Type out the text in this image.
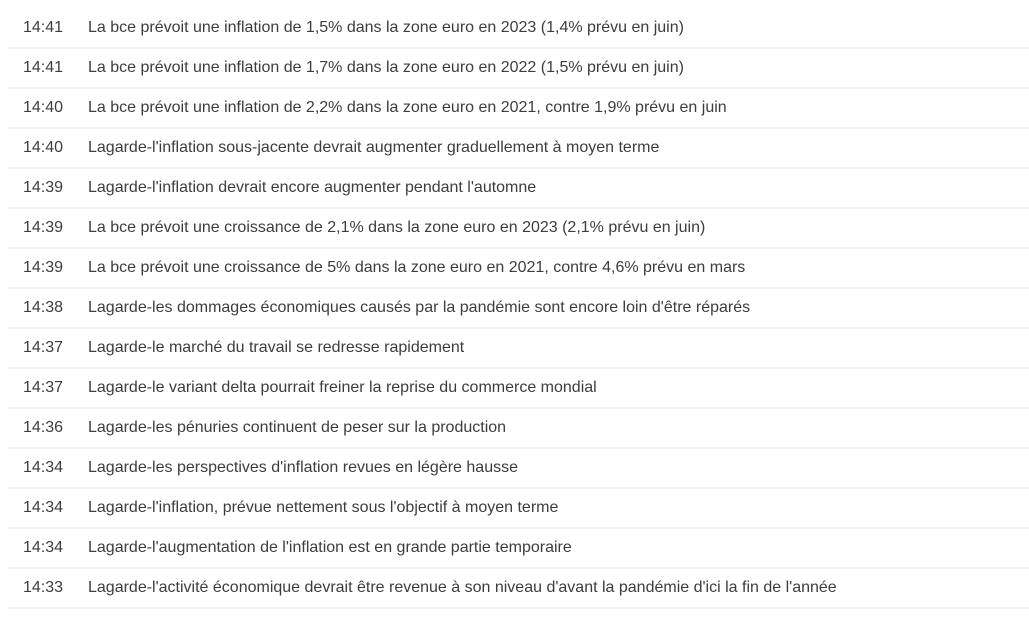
14:41	La bce prévoit une inflation de 1,5% dans la zone euro en 2023 (1,4% prévu en juin)
14:41	La bce prévoit une inflation de 1,7% dans la zone euro en 2022 (1,5% prévu en juin)
14:40	La bce prévoit une inflation de 2,2% dans la zone euro en 2021, contre 1,9% prévu en juin
14:40	Lagarde-l'inflation sous-jacente devrait augmenter graduellement à moyen terme
14:39	Lagarde-l'inflation devrait encore augmenter pendant l'automne
14:39	La bce prévoit une croissance de 2,1% dans la zone euro en 2023 (2,1% prévu en juin)
14:39	La bce prévoit une croissance de 5% dans la zone euro en 2021, contre 4,6% prévu en mars
14:38	Lagarde-les dommages économiques causés par la pandémie sont encore loin d'être réparés
14:37	Lagarde-le marché du travail se redresse rapidement
14:37	Lagarde-le variant delta pourrait freiner la reprise du commerce mondial
14:36	Lagarde-les pénuries continuent de peser sur la production
14:34	Lagarde-les perspectives d'inflation revues en légère hausse
14:34	Lagarde-l'inflation, prévue nettement sous l'objectif à moyen terme
14:34	Lagarde-l'augmentation de l'inflation est en grande partie temporaire
14:33	Lagarde-l'activité économique devrait être revenue à son niveau d'avant la pandémie d'ici la fin de l'année
